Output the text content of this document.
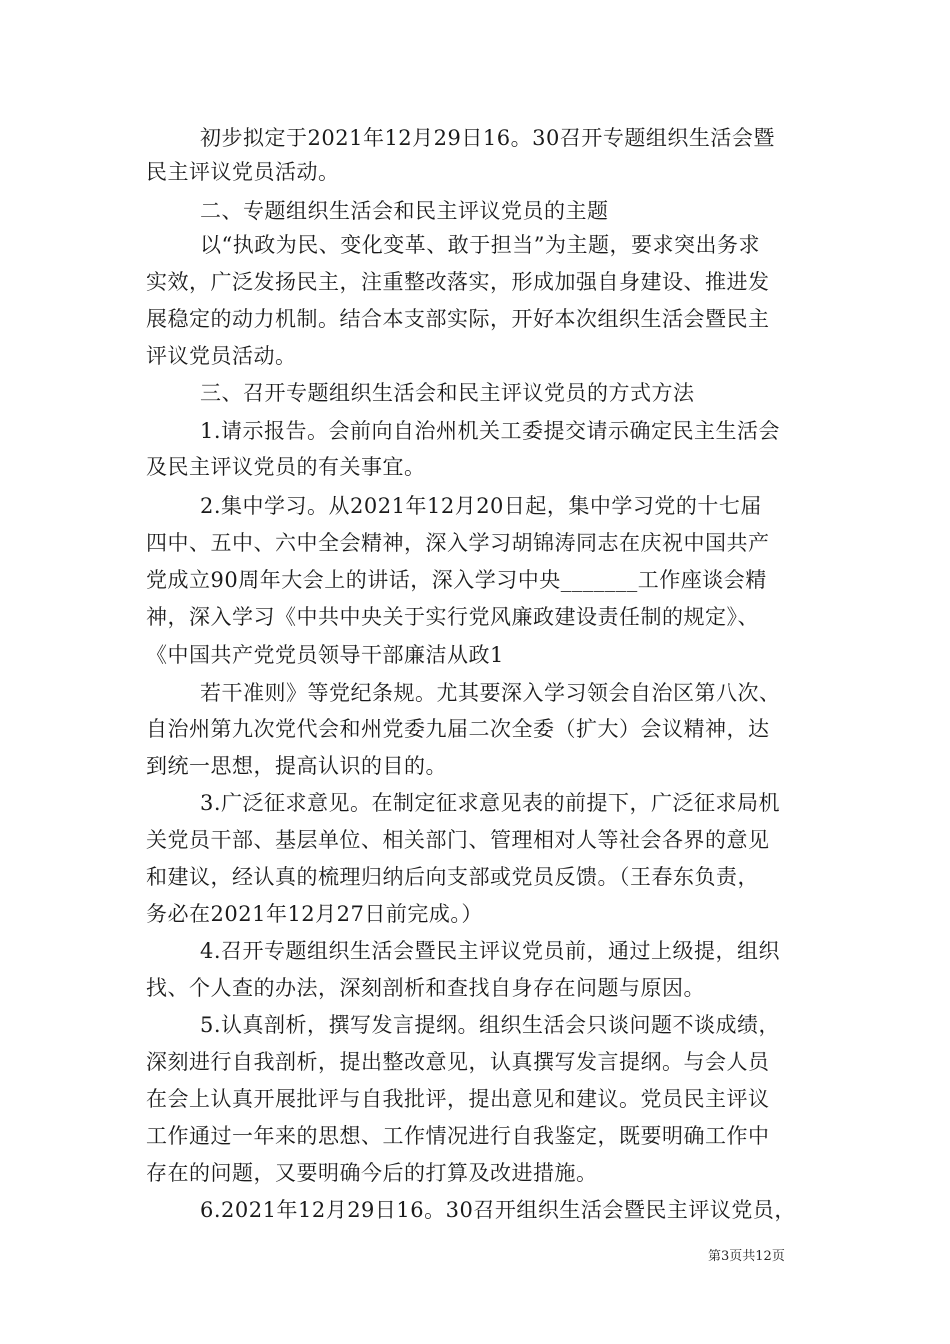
初步拟定于2021年12月29日16。30召开专题组织生活会暨
民主评议党员活动。
二、专题组织生活会和民主评议党员的主题
以“执政为民、变化变革、敢于担当”为主题，要求突出务求
实效，广泛发扬民主，注重整改落实，形成加强自身建设、推进发
展稳定的动力机制。结合本支部实际，开好本次组织生活会暨民主
评议党员活动。
三、召开专题组织生活会和民主评议党员的方式方法
1.请示报告。会前向自治州机关工委提交请示确定民主生活会
及民主评议党员的有关事宜。
2.集中学习。从2021年12月20日起，集中学习党的十七届
四中、五中、六中全会精神，深入学习胡锦涛同志在庆祝中国共产
党成立90周年大会上的讲话，深入学习中央_______工作座谈会精
神，深入学习《中共中央关于实行党风廉政建设责任制的规定》、
《中国共产党党员领导干部廉洁从政1
若干准则》等党纪条规。尤其要深入学习领会自治区第八次、
自治州第九次党代会和州党委九届二次全委（扩大）会议精神，达
到统一思想，提高认识的目的。
3.广泛征求意见。在制定征求意见表的前提下，广泛征求局机
关党员干部、基层单位、相关部门、管理相对人等社会各界的意见
和建议，经认真的梳理归纳后向支部或党员反馈。（王春东负责，
务必在2021年12月27日前完成。）
4.召开专题组织生活会暨民主评议党员前，通过上级提，组织
找、个人查的办法，深刻剖析和查找自身存在问题与原因。
5.认真剖析，撰写发言提纲。组织生活会只谈问题不谈成绩，
深刻进行自我剖析，提出整改意见，认真撰写发言提纲。与会人员
在会上认真开展批评与自我批评，提出意见和建议。党员民主评议
工作通过一年来的思想、工作情况进行自我鉴定，既要明确工作中
存在的问题，又要明确今后的打算及改进措施。
6.2021年12月29日16。30召开组织生活会暨民主评议党员，
第3页共12页
